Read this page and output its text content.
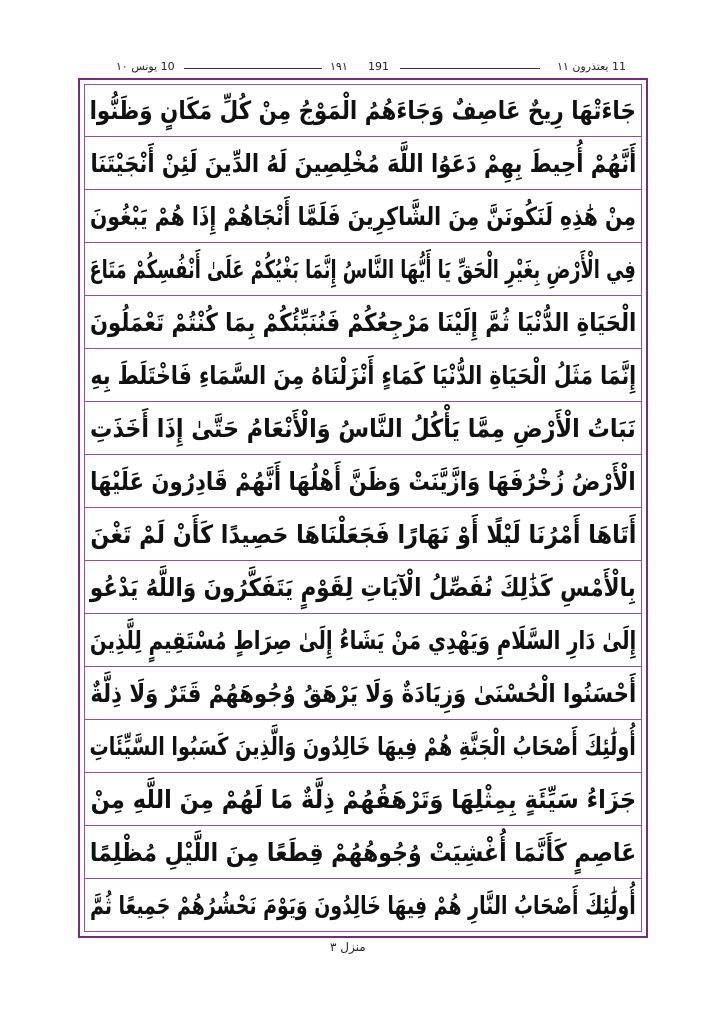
10 يونس ١٠	١٩١ 191	11 يعتذرون ١١
جَاءَتْهَا رِيحٌ عَاصِفٌ وَجَاءَهُمُ الْمَوْجُ مِنْ كُلِّ مَكَانٍ وَظَنُّوا
أَنَّهُمْ أُحِيطَ بِهِمْ دَعَوُا اللَّهَ مُخْلِصِينَ لَهُ الدِّينَ لَئِنْ أَنْجَيْتَنَا
مِنْ هَٰذِهِ لَنَكُونَنَّ مِنَ الشَّاكِرِينَ فَلَمَّا أَنْجَاهُمْ إِذَا هُمْ يَبْغُونَ
فِي الْأَرْضِ بِغَيْرِ الْحَقِّ يَا أَيُّهَا النَّاسُ إِنَّمَا بَغْيُكُمْ عَلَىٰ أَنْفُسِكُمْ مَتَاعَ
الْحَيَاةِ الدُّنْيَا ثُمَّ إِلَيْنَا مَرْجِعُكُمْ فَنُنَبِّئُكُمْ بِمَا كُنْتُمْ تَعْمَلُونَ
إِنَّمَا مَثَلُ الْحَيَاةِ الدُّنْيَا كَمَاءٍ أَنْزَلْنَاهُ مِنَ السَّمَاءِ فَاخْتَلَطَ بِهِ
نَبَاتُ الْأَرْضِ مِمَّا يَأْكُلُ النَّاسُ وَالْأَنْعَامُ حَتَّىٰ إِذَا أَخَذَتِ
الْأَرْضُ زُخْرُفَهَا وَازَّيَّنَتْ وَظَنَّ أَهْلُهَا أَنَّهُمْ قَادِرُونَ عَلَيْهَا
أَتَاهَا أَمْرُنَا لَيْلًا أَوْ نَهَارًا فَجَعَلْنَاهَا حَصِيدًا كَأَنْ لَمْ تَغْنَ
بِالْأَمْسِ كَذَٰلِكَ نُفَصِّلُ الْآيَاتِ لِقَوْمٍ يَتَفَكَّرُونَ وَاللَّهُ يَدْعُو
إِلَىٰ دَارِ السَّلَامِ وَيَهْدِي مَنْ يَشَاءُ إِلَىٰ صِرَاطٍ مُسْتَقِيمٍ لِلَّذِينَ
أَحْسَنُوا الْحُسْنَىٰ وَزِيَادَةٌ وَلَا يَرْهَقُ وُجُوهَهُمْ قَتَرٌ وَلَا ذِلَّةٌ
أُولَٰئِكَ أَصْحَابُ الْجَنَّةِ هُمْ فِيهَا خَالِدُونَ وَالَّذِينَ كَسَبُوا السَّيِّئَاتِ
جَزَاءُ سَيِّئَةٍ بِمِثْلِهَا وَتَرْهَقُهُمْ ذِلَّةٌ مَا لَهُمْ مِنَ اللَّهِ مِنْ
عَاصِمٍ كَأَنَّمَا أُغْشِيَتْ وُجُوهُهُمْ قِطَعًا مِنَ اللَّيْلِ مُظْلِمًا
أُولَٰئِكَ أَصْحَابُ النَّارِ هُمْ فِيهَا خَالِدُونَ وَيَوْمَ نَحْشُرُهُمْ جَمِيعًا ثُمَّ
منزل ٣
